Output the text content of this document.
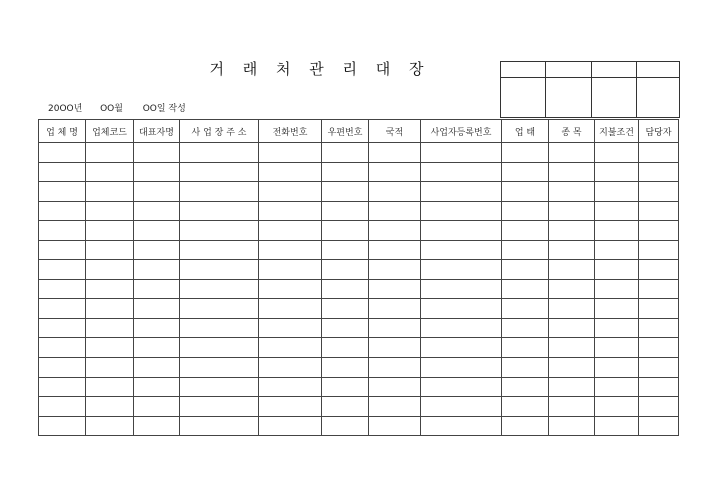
거 래 처 관 리 대 장
20OO년 OO월 OO일 작성

업 체 명	업체코드	대표자명	사 업 장 주 소	전화번호	우편번호	국적	사업자등록번호	업 태	종 목	지불조건	담당자
